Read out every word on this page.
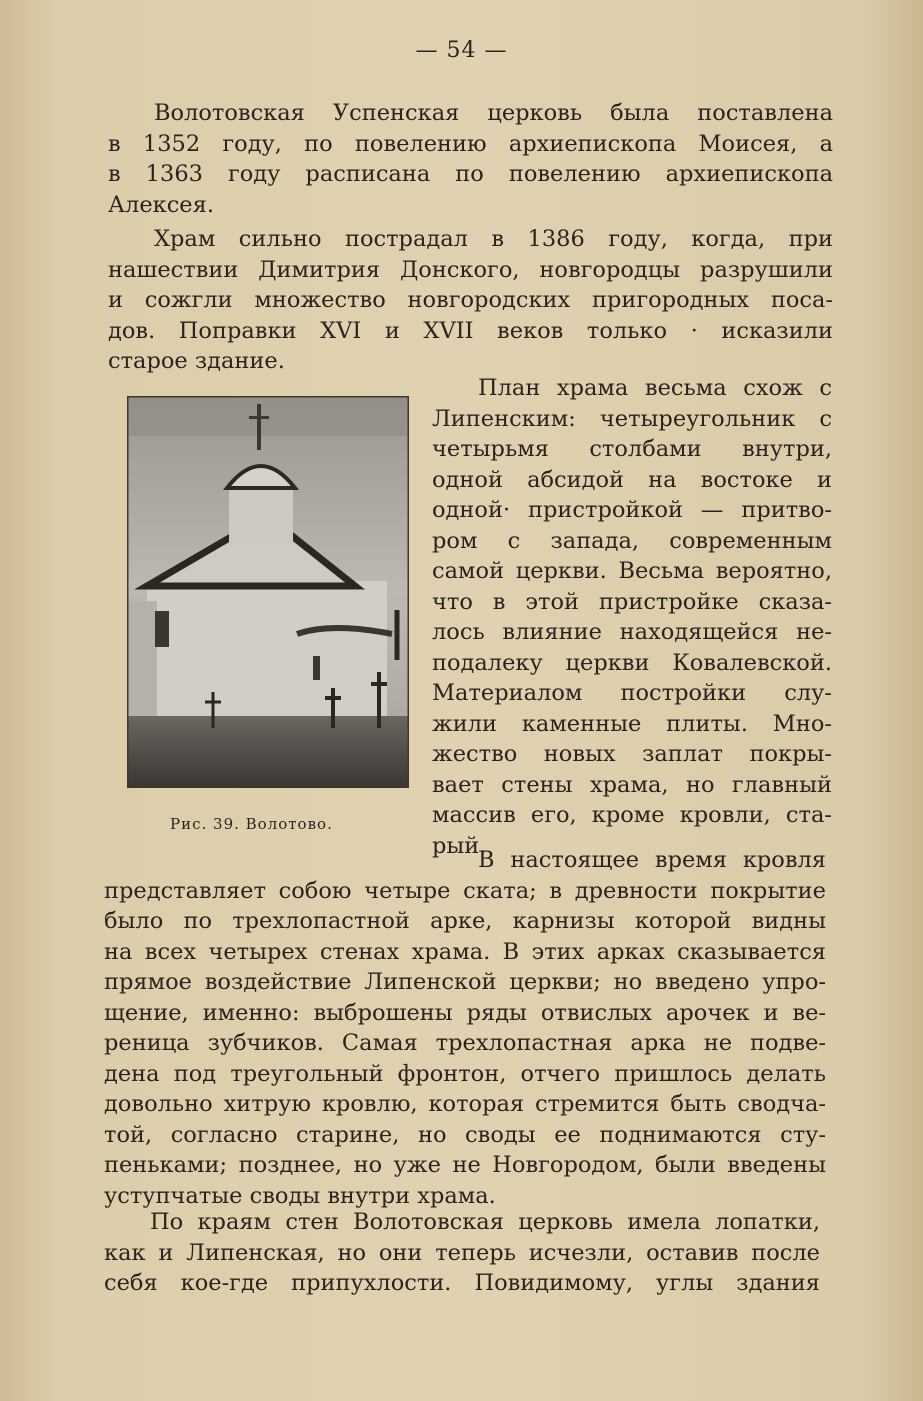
— 54 —
Волотовская Успенская церковь была поставлена
в 1352 году, по повелению архиепископа Моисея, а
в 1363 году расписана по повелению архиепископа
Алексея.
Храм сильно пострадал в 1386 году, когда, при
нашествии Димитрия Донского, новгородцы разрушили
и сожгли множество новгородских пригородных поса-
дов. Поправки XVI и XVII веков только · исказили
старое здание.
Рис. 39. Волотово.
План храма весьма схож с
Липенским: четыреугольник с
четырьмя столбами внутри,
одной абсидой на востоке и
одной· пристройкой — притво-
ром с запада, современным
самой церкви. Весьма вероятно,
что в этой пристройке сказа-
лось влияние находящейся не-
подалеку церкви Ковалевской.
Материалом постройки слу-
жили каменные плиты. Мно-
жество новых заплат покры-
вает стены храма, но главный
массив его, кроме кровли, ста-
рый.
В настоящее время кровля
представляет собою четыре ската; в древности покрытие
было по трехлопастной арке, карнизы которой видны
на всех четырех стенах храма. В этих арках сказывается
прямое воздействие Липенской церкви; но введено упро-
щение, именно: выброшены ряды отвислых арочек и ве-
реница зубчиков. Самая трехлопастная арка не подве-
дена под треугольный фронтон, отчего пришлось делать
довольно хитрую кровлю, которая стремится быть сводча-
той, согласно старине, но своды ее поднимаются сту-
пеньками; позднее, но уже не Новгородом, были введены
уступчатые своды внутри храма.
По краям стен Волотовская церковь имела лопатки,
как и Липенская, но они теперь исчезли, оставив после
себя кое-где припухлости. Повидимому, углы здания
